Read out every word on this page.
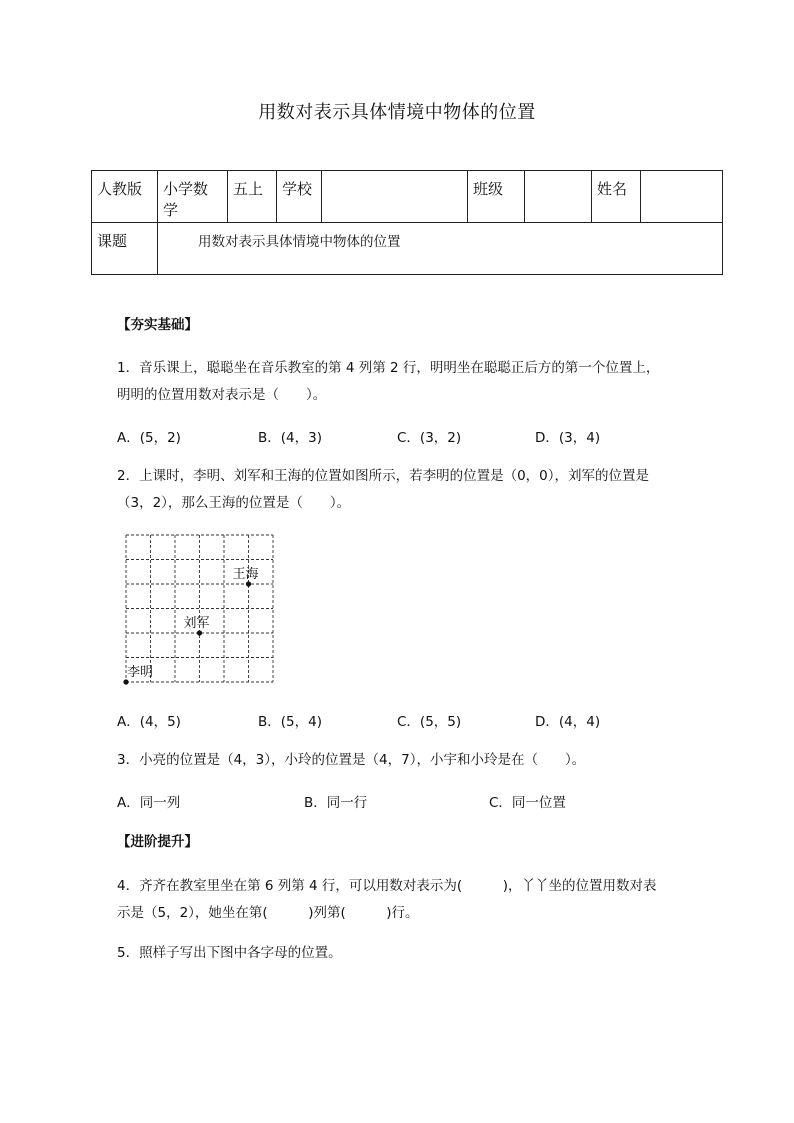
用数对表示具体情境中物体的位置
人教版	小学数学	五上	学校		班级		姓名	
课题	用数对表示具体情境中物体的位置							
【夯实基础】
1．音乐课上，聪聪坐在音乐教室的第 4 列第 2 行，明明坐在聪聪正后方的第一个位置上，
明明的位置用数对表示是（　　）。
A．(5，2)	B．(4，3)	C．(3，2)	D．(3，4)
2．上课时，李明、刘军和王海的位置如图所示，若李明的位置是（0，0），刘军的位置是
（3，2），那么王海的位置是（　　）。
李明
刘军
王海
A．(4，5)	B．(5，4)	C．(5，5)	D．(4，4)
3．小亮的位置是（4，3），小玲的位置是（4，7），小宇和小玲是在（　　）。
A．同一列	B．同一行	C．同一位置
【进阶提升】
4．齐齐在教室里坐在第 6 列第 4 行，可以用数对表示为(　　　)，丫丫坐的位置用数对表
示是（5，2），她坐在第(　　　)列第(　　　)行。
5．照样子写出下图中各字母的位置。
